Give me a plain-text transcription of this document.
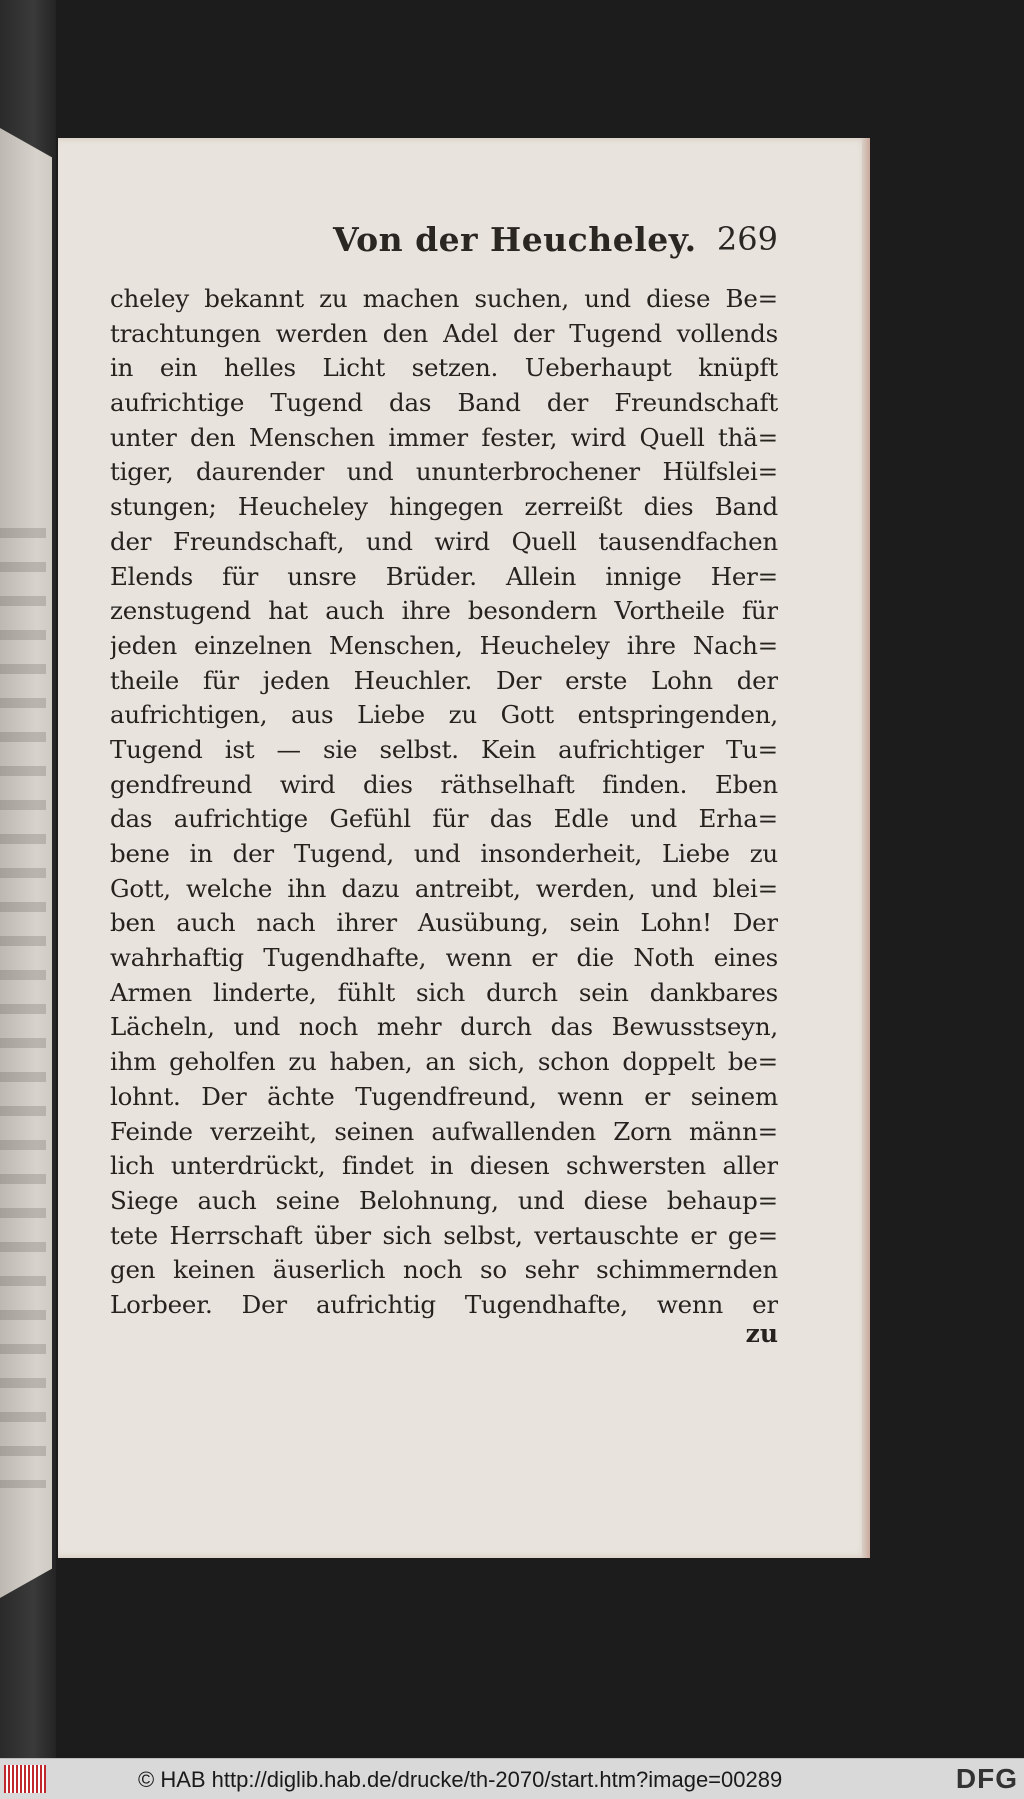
Von der Heucheley. 269
cheley bekannt zu machen suchen, und diese Be=
trachtungen werden den Adel der Tugend vollends
in ein helles Licht setzen. Ueberhaupt knüpft
aufrichtige Tugend das Band der Freundschaft
unter den Menschen immer fester, wird Quell thä=
tiger, daurender und ununterbrochener Hülfslei=
stungen; Heucheley hingegen zerreißt dies Band
der Freundschaft, und wird Quell tausendfachen
Elends für unsre Brüder. Allein innige Her=
zenstugend hat auch ihre besondern Vortheile für
jeden einzelnen Menschen, Heucheley ihre Nach=
theile für jeden Heuchler. Der erste Lohn der
aufrichtigen, aus Liebe zu Gott entspringenden,
Tugend ist — sie selbst. Kein aufrichtiger Tu=
gendfreund wird dies räthselhaft finden. Eben
das aufrichtige Gefühl für das Edle und Erha=
bene in der Tugend, und insonderheit, Liebe zu
Gott, welche ihn dazu antreibt, werden, und blei=
ben auch nach ihrer Ausübung, sein Lohn! Der
wahrhaftig Tugendhafte, wenn er die Noth eines
Armen linderte, fühlt sich durch sein dankbares
Lächeln, und noch mehr durch das Bewusstseyn,
ihm geholfen zu haben, an sich, schon doppelt be=
lohnt. Der ächte Tugendfreund, wenn er seinem
Feinde verzeiht, seinen aufwallenden Zorn männ=
lich unterdrückt, findet in diesen schwersten aller
Siege auch seine Belohnung, und diese behaup=
tete Herrschaft über sich selbst, vertauschte er ge=
gen keinen äuserlich noch so sehr schimmernden
Lorbeer. Der aufrichtig Tugendhafte, wenn er
zu
© HAB http://diglib.hab.de/drucke/th-2070/start.htm?image=00289	DFG
